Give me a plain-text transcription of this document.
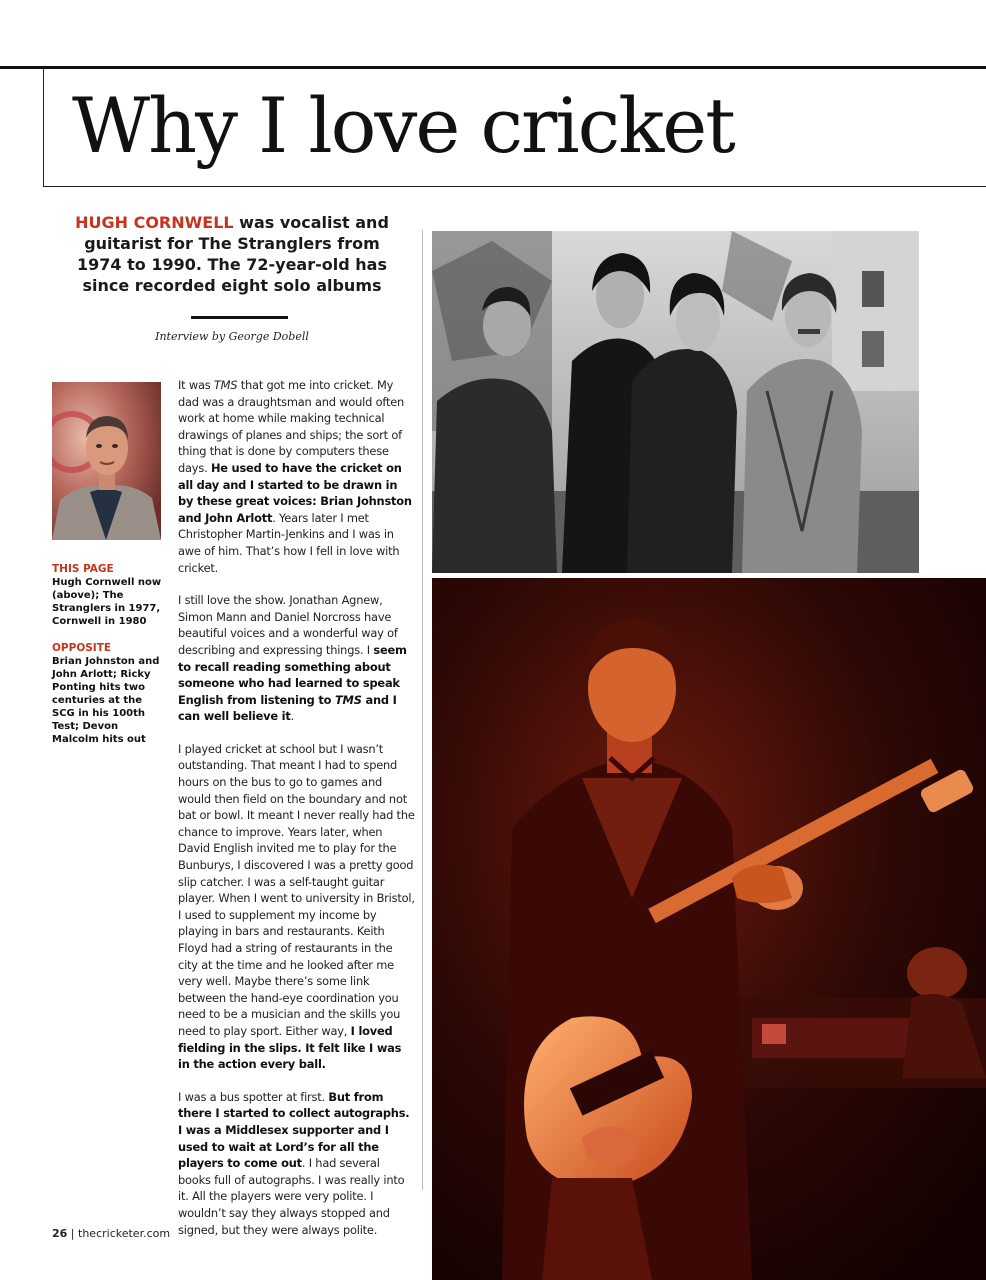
Why I love cricket
HUGH CORNWELL was vocalist and guitarist for The Stranglers from 1974 to 1990. The 72-year-old has since recorded eight solo albums
Interview by George Dobell
THIS PAGE
Hugh Cornwell now (above); The Stranglers in 1977, Cornwell in 1980
OPPOSITE
Brian Johnston and John Arlott; Ricky Ponting hits two centuries at the SCG in his 100th Test; Devon Malcolm hits out

It was TMS that got me into cricket. My dad was a draughtsman and would often work at home while making technical drawings of planes and ships; the sort of thing that is done by computers these days. He used to have the cricket on all day and I started to be drawn in by these great voices: Brian Johnston and John Arlott. Years later I met Christopher Martin-Jenkins and I was in awe of him. That’s how I fell in love with cricket.

I still love the show. Jonathan Agnew, Simon Mann and Daniel Norcross have beautiful voices and a wonderful way of describing and expressing things. I seem to recall reading something about someone who had learned to speak English from listening to TMS and I can well believe it.

I played cricket at school but I wasn’t outstanding. That meant I had to spend hours on the bus to go to games and would then field on the boundary and not bat or bowl. It meant I never really had the chance to improve. Years later, when David English invited me to play for the Bunburys, I discovered I was a pretty good slip catcher. I was a self-taught guitar player. When I went to university in Bristol, I used to supplement my income by playing in bars and restaurants. Keith Floyd had a string of restaurants in the city at the time and he looked after me very well. Maybe there’s some link between the hand-eye coordination you need to be a musician and the skills you need to play sport. Either way, I loved fielding in the slips. It felt like I was in the action every ball.

I was a bus spotter at first. But from there I started to collect autographs. I was a Middlesex supporter and I used to wait at Lord’s for all the players to come out. I had several books full of autographs. I was really into it. All the players were very polite. I wouldn’t say they always stopped and signed, but they were always polite.

26 | thecricketer.com
